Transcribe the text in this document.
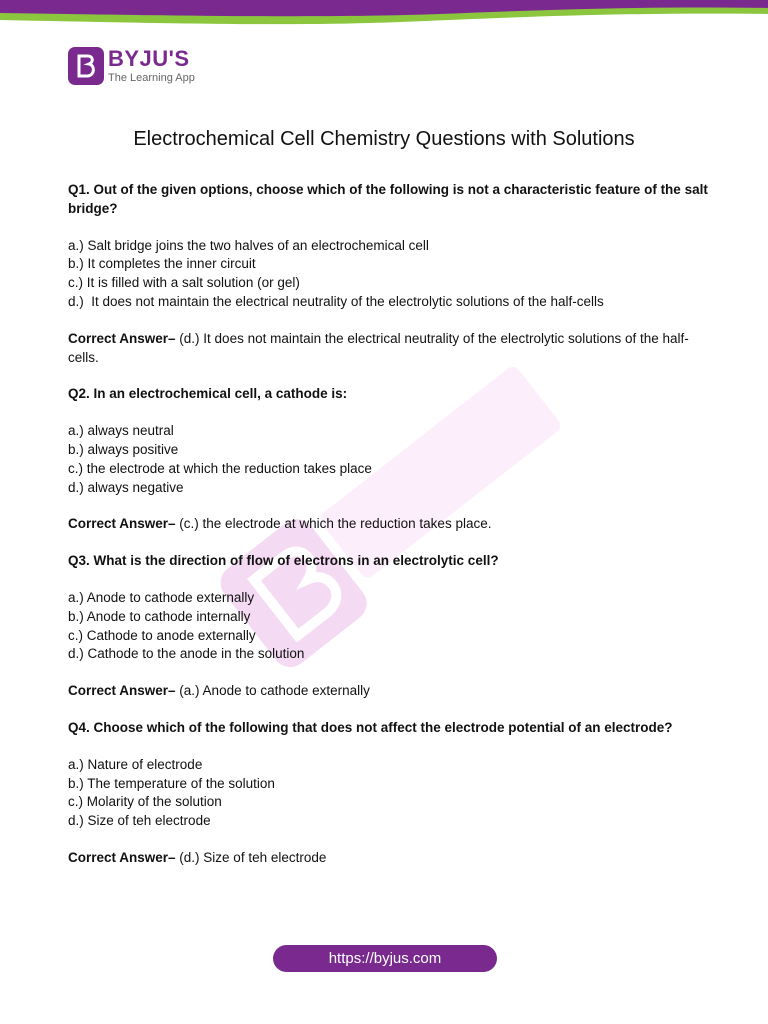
BYJU'S
The Learning App
Electrochemical Cell Chemistry Questions with Solutions

Q1. Out of the given options, choose which of the following is not a characteristic feature of the salt bridge?

a.) Salt bridge joins the two halves of an electrochemical cell
b.) It completes the inner circuit
c.) It is filled with a salt solution (or gel)
d.)  It does not maintain the electrical neutrality of the electrolytic solutions of the half-cells

Correct Answer– (d.) It does not maintain the electrical neutrality of the electrolytic solutions of the half-cells.

Q2. In an electrochemical cell, a cathode is:

a.) always neutral
b.) always positive
c.) the electrode at which the reduction takes place
d.) always negative

Correct Answer– (c.) the electrode at which the reduction takes place.

Q3. What is the direction of flow of electrons in an electrolytic cell?

a.) Anode to cathode externally
b.) Anode to cathode internally
c.) Cathode to anode externally
d.) Cathode to the anode in the solution

Correct Answer– (a.) Anode to cathode externally

Q4. Choose which of the following that does not affect the electrode potential of an electrode?

a.) Nature of electrode
b.) The temperature of the solution
c.) Molarity of the solution
d.) Size of teh electrode

Correct Answer– (d.) Size of teh electrode

https://byjus.com
